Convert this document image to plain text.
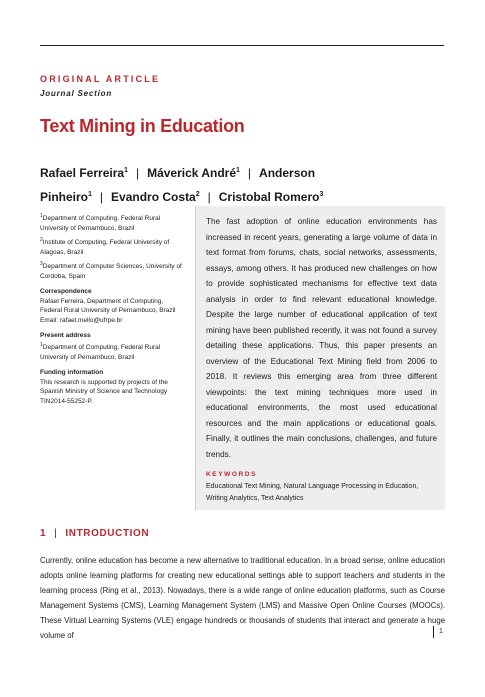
ORIGINAL ARTICLE
Journal Section
Text Mining in Education
Rafael Ferreira$^1$ | Máverick André$^1$ | Anderson Pinheiro$^1$ | Evandro Costa$^2$ | Cristobal Romero$^3$
$^1$Department of Computing, Federal Rural University of Pernambuco, Brazil
$^2$Institute of Computing, Federal University of Alagoas, Brazil
$^3$Department of Computer Sciences, University of Cordoba, Spain
Correspondence
Rafael Ferreira, Department of Computing, Federal Rural University of Pernambuco, Brazil
Email: rafael.mello@ufrpe.br
Present address
$^1$Department of Computing, Federal Rural University of Pernambuco, Brazil
Funding information
This research is supported by projects of the Spanish Ministry of Science and Technology TIN2014-55252-P.
The fast adoption of online education environments has increased in recent years, generating a large volume of data in text format from forums, chats, social networks, assessments, essays, among others. It has produced new challenges on how to provide sophisticated mechanisms for effective text data analysis in order to find relevant educational knowledge. Despite the large number of educational application of text mining have been published recently, it was not found a survey detailing these applications. Thus, this paper presents an overview of the Educational Text Mining field from 2006 to 2018. It reviews this emerging area from three different viewpoints: the text mining techniques more used in educational environments, the most used educational resources and the main applications or educational goals. Finally, it outlines the main conclusions, challenges, and future trends.
KEYWORDS
Educational Text Mining, Natural Language Processing in Education, Writing Analytics, Text Analytics
1 | INTRODUCTION
Currently, online education has become a new alternative to traditional education. In a broad sense, online education adopts online learning platforms for creating new educational settings able to support teachers and students in the learning process (Ring et al., 2013). Nowadays, there is a wide range of online education platforms, such as Course Management Systems (CMS), Learning Management System (LMS) and Massive Open Online Courses (MOOCs). These Virtual Learning Systems (VLE) engage hundreds or thousands of students that interact and generate a huge volume of	1
